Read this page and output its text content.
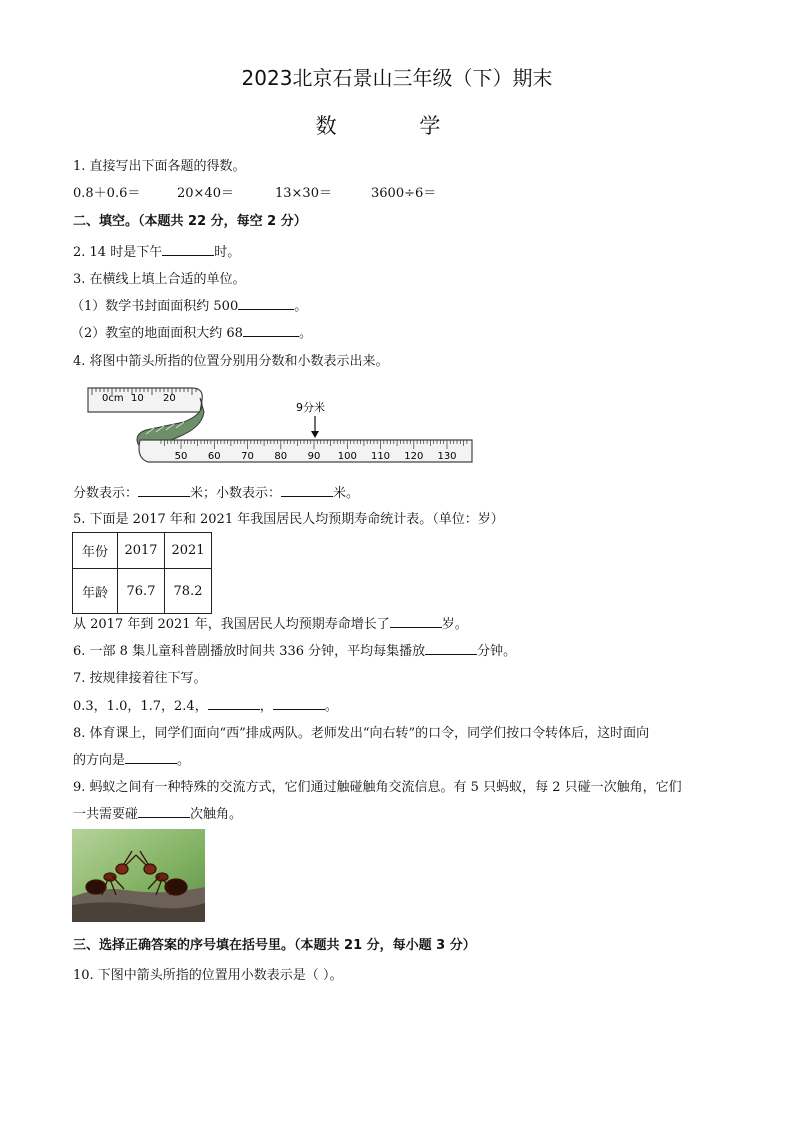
2023北京石景山三年级（下）期末
数 学
1. 直接写出下面各题的得数。
0.8＋0.6＝	20×40＝	13×30＝	3600÷6＝
二、填空。（本题共 22 分，每空 2 分）
2. 14 时是下午	时。
3. 在横线上填上合适的单位。
（1）数学书封面面积约 500	。
（2）教室的地面面积大约 68	。
4. 将图中箭头所指的位置分别用分数和小数表示出来。
0cm 10 20
50 60 70 80 90 100 110 120 130
9分米
分数表示：	米；小数表示：	米。
5. 下面是 2017 年和 2021 年我国居民人均预期寿命统计表。（单位：岁）
年份	2017	2021
年龄	76.7	78.2
从 2017 年到 2021 年，我国居民人均预期寿命增长了	岁。
6. 一部 8 集儿童科普剧播放时间共 336 分钟，平均每集播放	分钟。
7. 按规律接着往下写。
0.3，1.0，1.7，2.4，	，	。
8. 体育课上，同学们面向“西”排成两队。老师发出“向右转”的口令，同学们按口令转体后，这时面向
的方向是	。
9. 蚂蚁之间有一种特殊的交流方式，它们通过触碰触角交流信息。有 5 只蚂蚁，每 2 只碰一次触角，它们
一共需要碰	次触角。
三、选择正确答案的序号填在括号里。（本题共 21 分，每小题 3 分）
10. 下图中箭头所指的位置用小数表示是（ ）。
